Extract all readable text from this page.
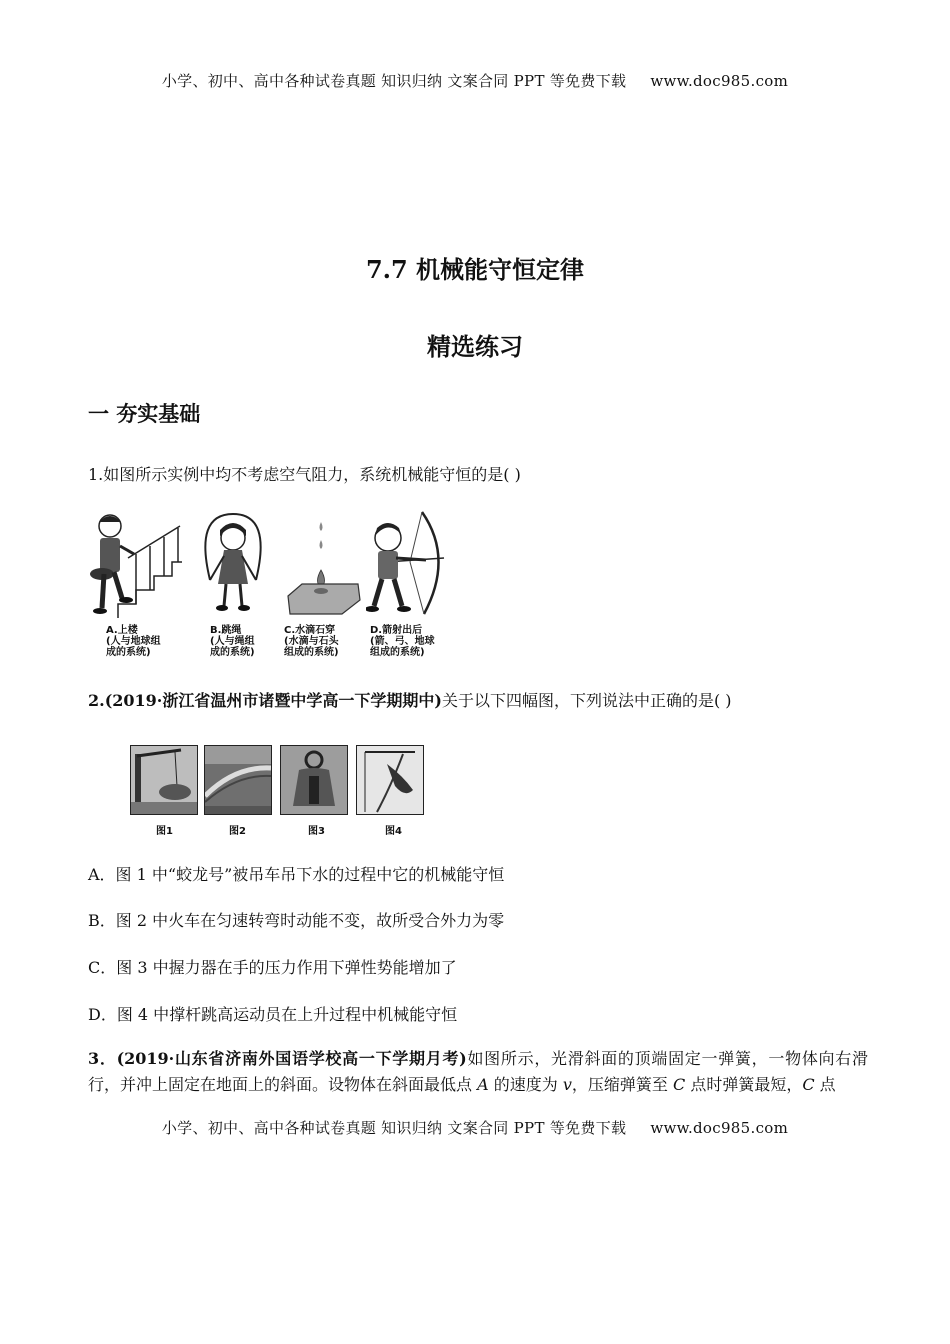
小学、初中、高中各种试卷真题 知识归纳 文案合同 PPT 等免费下载 www.doc985.com
7.7 机械能守恒定律
精选练习
一 夯实基础
1.如图所示实例中均不考虑空气阻力，系统机械能守恒的是( )
A.上楼
(人与地球组
成的系统)
B.跳绳
(人与绳组
成的系统)
C.水滴石穿
(水滴与石头
组成的系统)
D.箭射出后
(箭、弓、地球
组成的系统)
2.(2019·浙江省温州市诸暨中学高一下学期期中)关于以下四幅图，下列说法中正确的是( )
图1	图2	图3	图4
A．图 1 中“蛟龙号”被吊车吊下水的过程中它的机械能守恒
B．图 2 中火车在匀速转弯时动能不变，故所受合外力为零
C．图 3 中握力器在手的压力作用下弹性势能增加了
D．图 4 中撑杆跳高运动员在上升过程中机械能守恒
3．(2019·山东省济南外国语学校高一下学期月考)如图所示，光滑斜面的顶端固定一弹簧，一物体向右滑行，并冲上固定在地面上的斜面。设物体在斜面最低点 A 的速度为 v，压缩弹簧至 C 点时弹簧最短，C 点
小学、初中、高中各种试卷真题 知识归纳 文案合同 PPT 等免费下载 www.doc985.com
